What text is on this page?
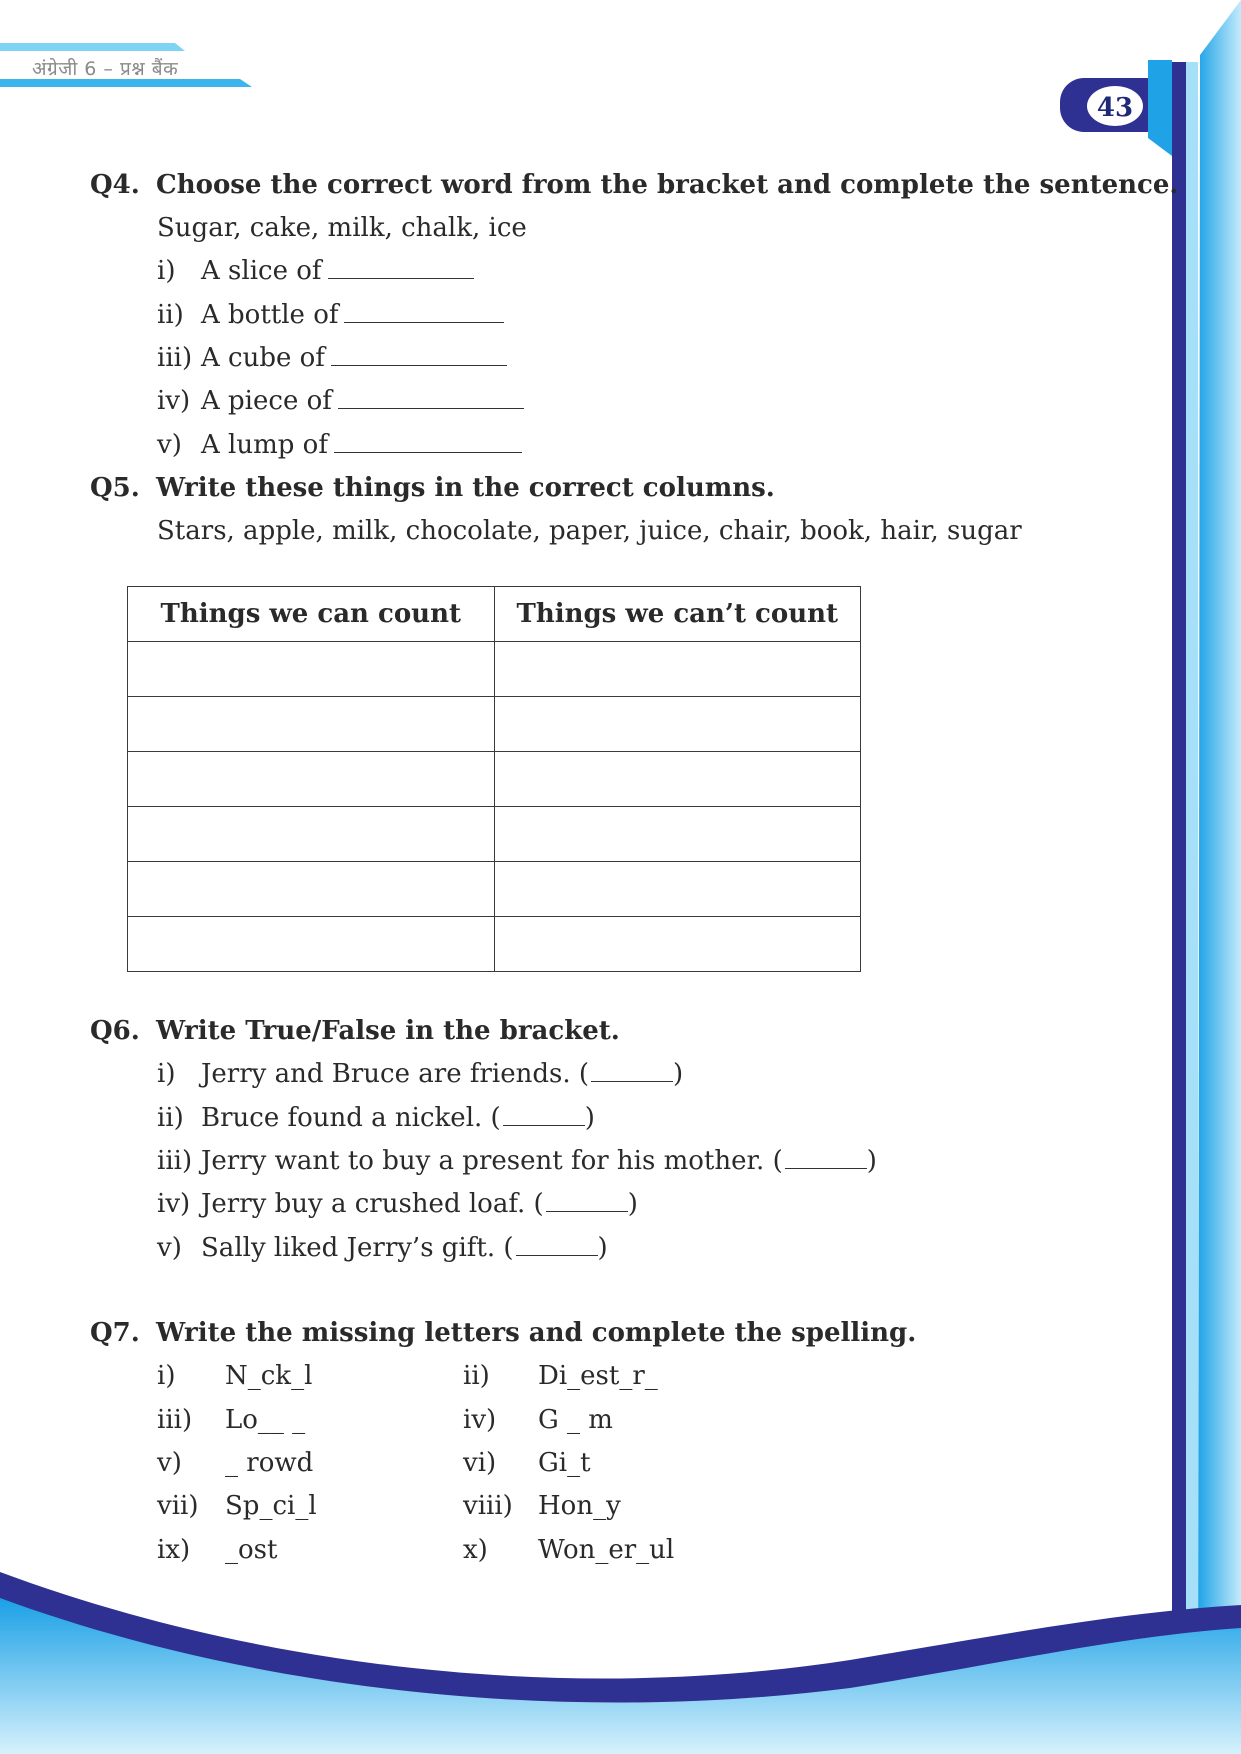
अंग्रेजी 6 – प्रश्न बैंक
43
Q4. Choose the correct word from the bracket and complete the sentence.
Sugar, cake, milk, chalk, ice
i) A slice of
ii) A bottle of
iii) A cube of
iv) A piece of
v) A lump of
Q5. Write these things in the correct columns.
Stars, apple, milk, chocolate, paper, juice, chair, book, hair, sugar
Things we can count	Things we can’t count

Q6. Write True/False in the bracket.
i) Jerry and Bruce are friends. (	)
ii) Bruce found a nickel. (	)
iii) Jerry want to buy a present for his mother. (	)
iv) Jerry buy a crushed loaf. (	)
v) Sally liked Jerry’s gift. (	)
Q7. Write the missing letters and complete the spelling.
i) N_ck_l	ii) Di_est_r_
iii) Lo__ _	iv) G _ m
v) _ rowd	vi) Gi_t
vii) Sp_ci_l	viii) Hon_y
ix) _ost	x) Won_er_ul
